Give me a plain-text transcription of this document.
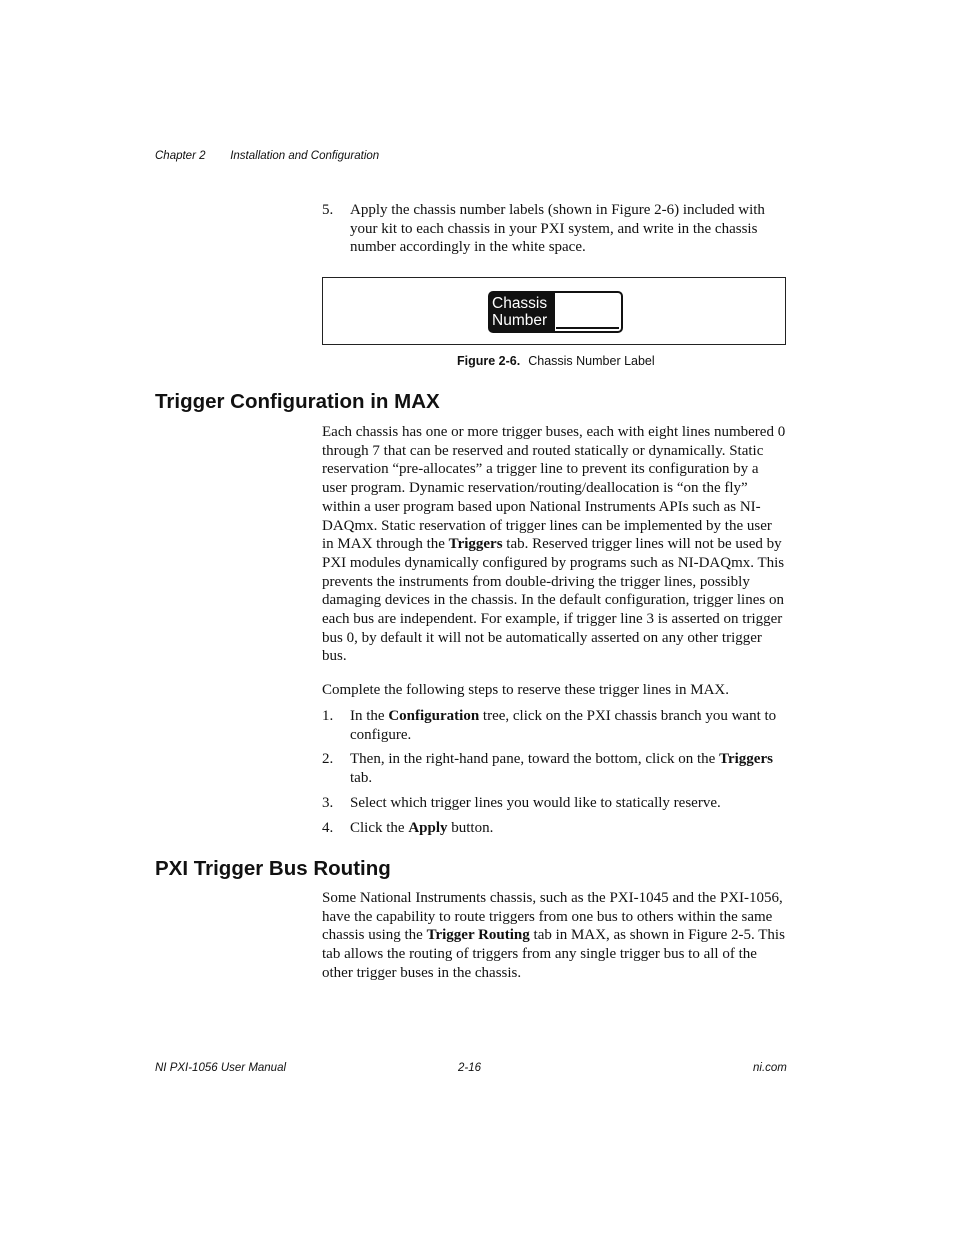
Chapter 2 Installation and Configuration
5.	Apply the chassis number labels (shown in Figure 2-6) included with your kit to each chassis in your PXI system, and write in the chassis number accordingly in the white space.
Chassis
Number
Figure 2-6. Chassis Number Label
Trigger Configuration in MAX
Each chassis has one or more trigger buses, each with eight lines numbered 0 through 7 that can be reserved and routed statically or dynamically. Static reservation “pre-allocates” a trigger line to prevent its configuration by a user program. Dynamic reservation/routing/deallocation is “on the fly” within a user program based upon National Instruments APIs such as NI-DAQmx. Static reservation of trigger lines can be implemented by the user in MAX through the Triggers tab. Reserved trigger lines will not be used by PXI modules dynamically configured by programs such as NI-DAQmx. This prevents the instruments from double-driving the trigger lines, possibly damaging devices in the chassis. In the default configuration, trigger lines on each bus are independent. For example, if trigger line 3 is asserted on trigger bus 0, by default it will not be automatically asserted on any other trigger bus.
Complete the following steps to reserve these trigger lines in MAX.
1.	In the Configuration tree, click on the PXI chassis branch you want to configure.
2.	Then, in the right-hand pane, toward the bottom, click on the Triggers tab.
3.	Select which trigger lines you would like to statically reserve.
4.	Click the Apply button.
PXI Trigger Bus Routing
Some National Instruments chassis, such as the PXI-1045 and the PXI-1056, have the capability to route triggers from one bus to others within the same chassis using the Trigger Routing tab in MAX, as shown in Figure 2-5. This tab allows the routing of triggers from any single trigger bus to all of the other trigger buses in the chassis.
NI PXI-1056 User Manual	2-16	ni.com
